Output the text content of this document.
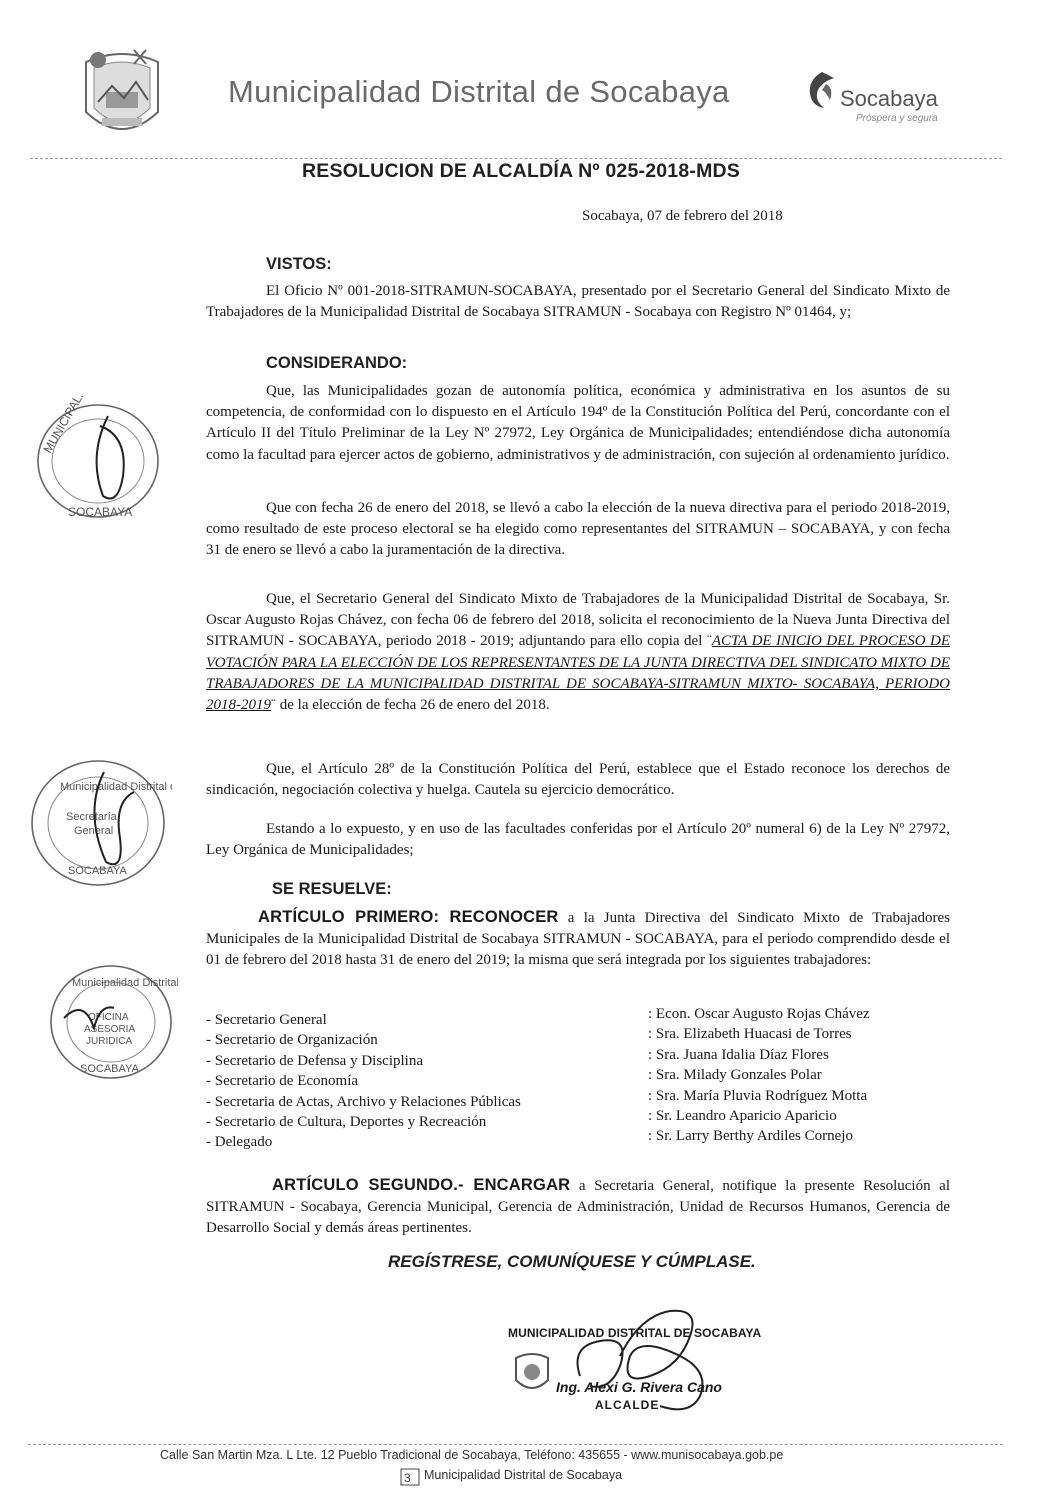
Municipalidad Distrital de Socabaya	Socabaya
Próspera y segura
RESOLUCION DE ALCALDÍA Nº 025-2018-MDS
Socabaya, 07 de febrero del 2018
VISTOS:
El Oficio Nº 001-2018-SITRAMUN-SOCABAYA, presentado por el Secretario General del Sindicato Mixto de Trabajadores de la Municipalidad Distrital de Socabaya SITRAMUN - Socabaya con Registro Nº 01464, y;
CONSIDERANDO:
Que, las Municipalidades gozan de autonomía política, económica y administrativa en los asuntos de su competencia, de conformidad con lo dispuesto en el Artículo 194º de la Constitución Política del Perú, concordante con el Artículo II del Título Preliminar de la Ley Nº 27972, Ley Orgánica de Municipalidades; entendiéndose dicha autonomía como la facultad para ejercer actos de gobierno, administrativos y de administración, con sujeción al ordenamiento jurídico.
Que con fecha 26 de enero del 2018, se llevó a cabo la elección de la nueva directiva para el periodo 2018-2019, como resultado de este proceso electoral se ha elegido como representantes del SITRAMUN – SOCABAYA, y con fecha 31 de enero se llevó a cabo la juramentación de la directiva.
Que, el Secretario General del Sindicato Mixto de Trabajadores de la Municipalidad Distrital de Socabaya, Sr. Oscar Augusto Rojas Chávez, con fecha 06 de febrero del 2018, solicita el reconocimiento de la Nueva Junta Directiva del SITRAMUN - SOCABAYA, periodo 2018 - 2019; adjuntando para ello copia del ¨ACTA DE INICIO DEL PROCESO DE VOTACIÓN PARA LA ELECCIÓN DE LOS REPRESENTANTES DE LA JUNTA DIRECTIVA DEL SINDICATO MIXTO DE TRABAJADORES DE LA MUNICIPALIDAD DISTRITAL DE SOCABAYA-SITRAMUN MIXTO- SOCABAYA, PERIODO 2018-2019¨ de la elección de fecha 26 de enero del 2018.
Que, el Artículo 28º de la Constitución Política del Perú, establece que el Estado reconoce los derechos de sindicación, negociación colectiva y huelga. Cautela su ejercicio democrático.
Estando a lo expuesto, y en uso de las facultades conferidas por el Artículo 20º numeral 6) de la Ley Nº 27972, Ley Orgánica de Municipalidades;
SE RESUELVE:
ARTÍCULO PRIMERO: RECONOCER a la Junta Directiva del Sindicato Mixto de Trabajadores Municipales de la Municipalidad Distrital de Socabaya SITRAMUN - SOCABAYA, para el periodo comprendido desde el 01 de febrero del 2018 hasta 31 de enero del 2019; la misma que será integrada por los siguientes trabajadores:
- Secretario General
- Secretario de Organización
- Secretario de Defensa y Disciplina
- Secretario de Economía
- Secretaria de Actas, Archivo y Relaciones Públicas
- Secretario de Cultura, Deportes y Recreación
- Delegado
: Econ. Oscar Augusto Rojas Chávez
: Sra. Elizabeth Huacasi de Torres
: Sra. Juana Idalia Díaz Flores
: Sra. Milady Gonzales Polar
: Sra. María Pluvia Rodríguez Motta
: Sr. Leandro Aparicio Aparicio
: Sr. Larry Berthy Ardiles Cornejo
ARTÍCULO SEGUNDO.- ENCARGAR a Secretaria General, notifique la presente Resolución al SITRAMUN - Socabaya, Gerencia Municipal, Gerencia de Administración, Unidad de Recursos Humanos, Gerencia de Desarrollo Social y demás áreas pertinentes.
REGÍSTRESE, COMUNÍQUESE Y CÚMPLASE.
MUNICIPALIDAD DISTRITAL DE SOCABAYA
Ing. Alexi G. Rivera Cano
ALCALDE
MUNICIPALIDAD
SOCABAYA
Municipalidad Distrital de
Secretaría
General
SOCABAYA
Municipalidad Distrital
OFICINA
ASESORIA
JURIDICA
SOCABAYA
Calle San Martin Mza. L Lte. 12 Pueblo Tradicional de Socabaya, Teléfono: 435655 - www.munisocabaya.gob.pe
3 Municipalidad Distrital de Socabaya
